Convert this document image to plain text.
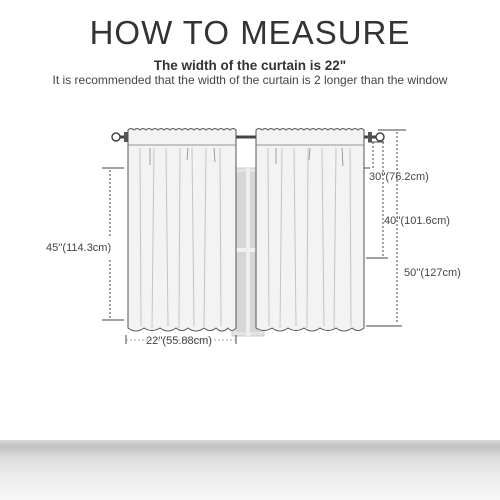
HOW TO MEASURE
The width of the curtain is 22"
It is recommended that the width of the curtain is 2 longer than the window
45''(114.3cm)
22''(55.88cm)
30''(76.2cm)
40''(101.6cm)
50''(127cm)
